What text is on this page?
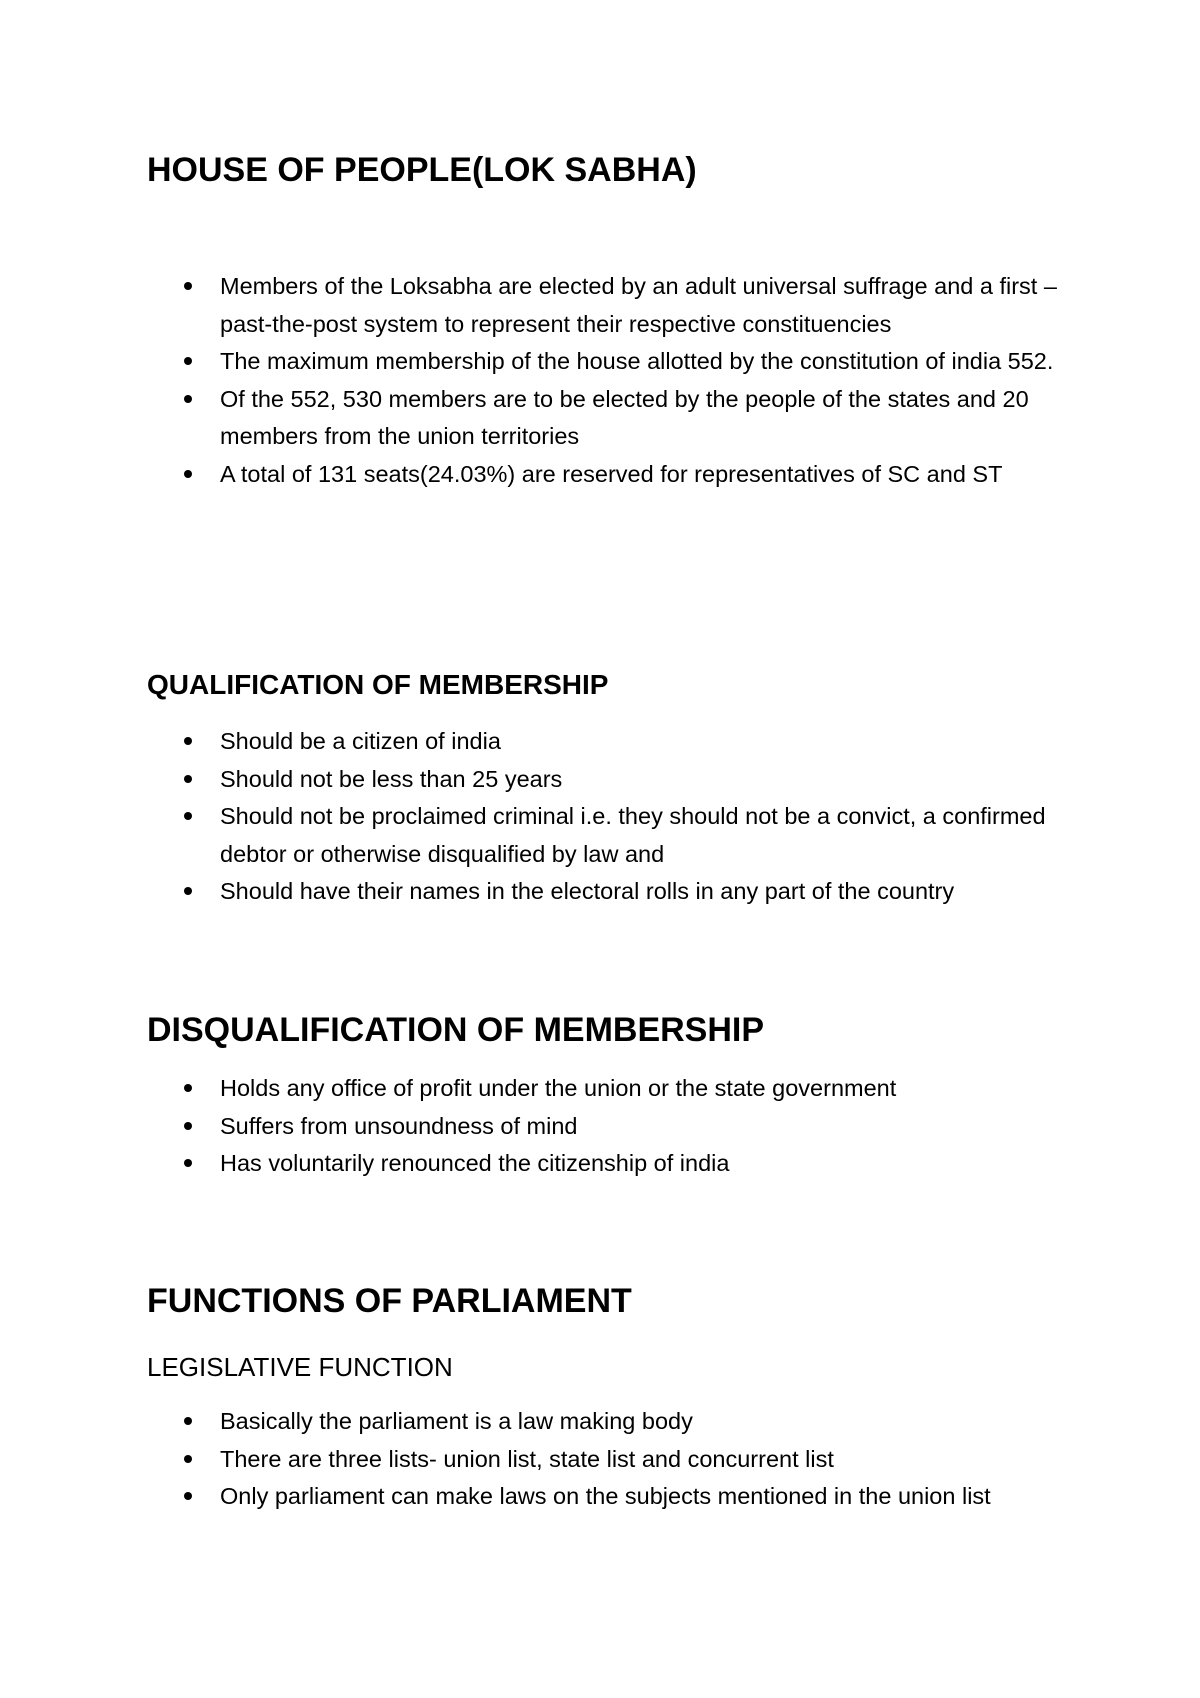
HOUSE OF PEOPLE(LOK SABHA)
Members of the Loksabha are elected by an adult universal suffrage and a first – past-the-post system to represent their respective constituencies
The maximum membership of the house allotted by the constitution of india 552.
Of the 552, 530 members are to be elected by the people of the states and 20 members from the union territories
A total of 131 seats(24.03%) are reserved for representatives of SC and ST
QUALIFICATION OF MEMBERSHIP
Should be a citizen of india
Should not be less than 25 years
Should not be proclaimed criminal i.e. they should not be a convict, a confirmed debtor or otherwise disqualified by law and
Should have their names in the electoral rolls in any part of the country
DISQUALIFICATION OF MEMBERSHIP
Holds any office of profit under the union or the state government
Suffers from unsoundness of mind
Has voluntarily renounced the citizenship of india
FUNCTIONS OF PARLIAMENT
LEGISLATIVE FUNCTION
Basically the parliament is a law making body
There are three lists- union list, state list and concurrent list
Only parliament can make laws on the subjects mentioned in the union list
